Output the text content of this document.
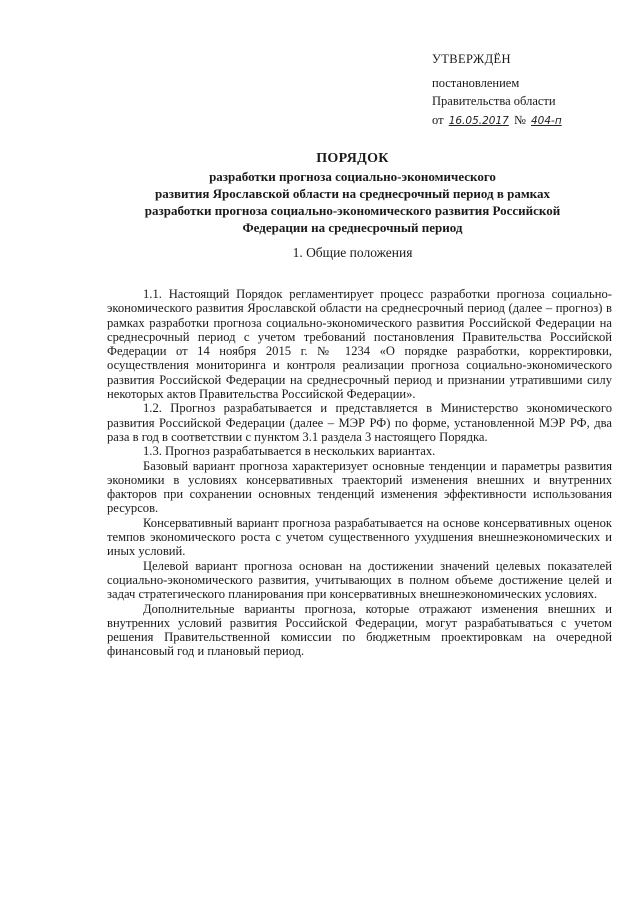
УТВЕРЖДЁН
постановлением
Правительства области
от 16.05.2017 № 404-п
ПОРЯДОК
разработки прогноза социально-экономического
развития Ярославской области на среднесрочный период в рамках
разработки прогноза социально-экономического развития Российской
Федерации на среднесрочный период
1. Общие положения

1.1. Настоящий Порядок регламентирует процесс разработки прогноза социально-экономического развития Ярославской области на среднесрочный период (далее – прогноз) в рамках разработки прогноза социально-экономического развития Российской Федерации на среднесрочный период с учетом требований постановления Правительства Российской Федерации от 14 ноября 2015 г. № 1234 «О порядке разработки, корректировки, осуществления мониторинга и контроля реализации прогноза социально-экономического развития Российской Федерации на среднесрочный период и признании утратившими силу некоторых актов Правительства Российской Федерации».

1.2. Прогноз разрабатывается и представляется в Министерство экономического развития Российской Федерации (далее – МЭР РФ) по форме, установленной МЭР РФ, два раза в год в соответствии с пунктом 3.1 раздела 3 настоящего Порядка.

1.3. Прогноз разрабатывается в нескольких вариантах.

Базовый вариант прогноза характеризует основные тенденции и параметры развития экономики в условиях консервативных траекторий изменения внешних и внутренних факторов при сохранении основных тенденций изменения эффективности использования ресурсов.

Консервативный вариант прогноза разрабатывается на основе консервативных оценок темпов экономического роста с учетом существенного ухудшения внешнеэкономических и иных условий.

Целевой вариант прогноза основан на достижении значений целевых показателей социально-экономического развития, учитывающих в полном объеме достижение целей и задач стратегического планирования при консервативных внешнеэкономических условиях.

Дополнительные варианты прогноза, которые отражают изменения внешних и внутренних условий развития Российской Федерации, могут разрабатываться с учетом решения Правительственной комиссии по бюджетным проектировкам на очередной финансовый год и плановый период.
